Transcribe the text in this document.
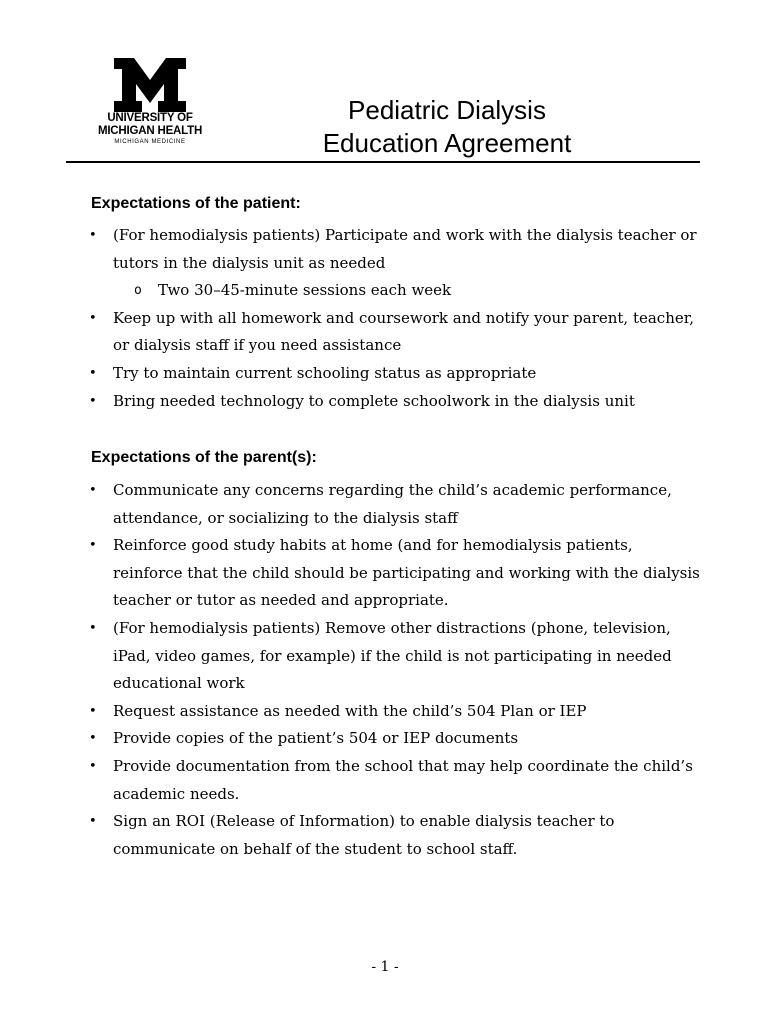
UNIVERSITY OF
MICHIGAN HEALTH
MICHIGAN MEDICINE
Pediatric Dialysis
Education Agreement
Expectations of the patient:
• (For hemodialysis patients) Participate and work with the dialysis teacher or
tutors in the dialysis unit as needed
o Two 30–45-minute sessions each week
• Keep up with all homework and coursework and notify your parent, teacher,
or dialysis staff if you need assistance
• Try to maintain current schooling status as appropriate
• Bring needed technology to complete schoolwork in the dialysis unit
Expectations of the parent(s):
• Communicate any concerns regarding the child’s academic performance,
attendance, or socializing to the dialysis staff
• Reinforce good study habits at home (and for hemodialysis patients,
reinforce that the child should be participating and working with the dialysis
teacher or tutor as needed and appropriate.
• (For hemodialysis patients) Remove other distractions (phone, television,
iPad, video games, for example) if the child is not participating in needed
educational work
• Request assistance as needed with the child’s 504 Plan or IEP
• Provide copies of the patient’s 504 or IEP documents
• Provide documentation from the school that may help coordinate the child’s
academic needs.
• Sign an ROI (Release of Information) to enable dialysis teacher to
communicate on behalf of the student to school staff.
- 1 -
